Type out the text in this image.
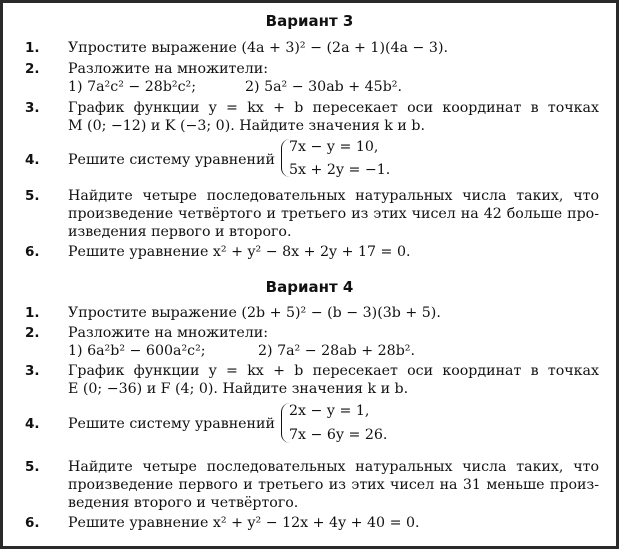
Вариант 3
1.	Упростите выражение (4a + 3)² − (2a + 1)(4a − 3).
2.	Разложите на множители:
1) 7a²c² − 28b²c²;	2) 5a² − 30ab + 45b².
3.	График функции y = kx + b пересекает оси координат в точках
M (0; −12) и K (−3; 0). Найдите значения k и b.
4.	Решите систему уравнений
7x − y = 10,
5x + 2y = −1.
5.	Найдите четыре последовательных натуральных числа таких, что
произведение четвёртого и третьего из этих чисел на 42 больше про-
изведения первого и второго.
6.	Решите уравнение x² + y² − 8x + 2y + 17 = 0.
Вариант 4
1.	Упростите выражение (2b + 5)² − (b − 3)(3b + 5).
2.	Разложите на множители:
1) 6a²b² − 600a²c²;	2) 7a² − 28ab + 28b².
3.	График функции y = kx + b пересекает оси координат в точках
E (0; −36) и F (4; 0). Найдите значения k и b.
4.	Решите систему уравнений
2x − y = 1,
7x − 6y = 26.
5.	Найдите четыре последовательных натуральных числа таких, что
произведение первого и третьего из этих чисел на 31 меньше произ-
ведения второго и четвёртого.
6.	Решите уравнение x² + y² − 12x + 4y + 40 = 0.
